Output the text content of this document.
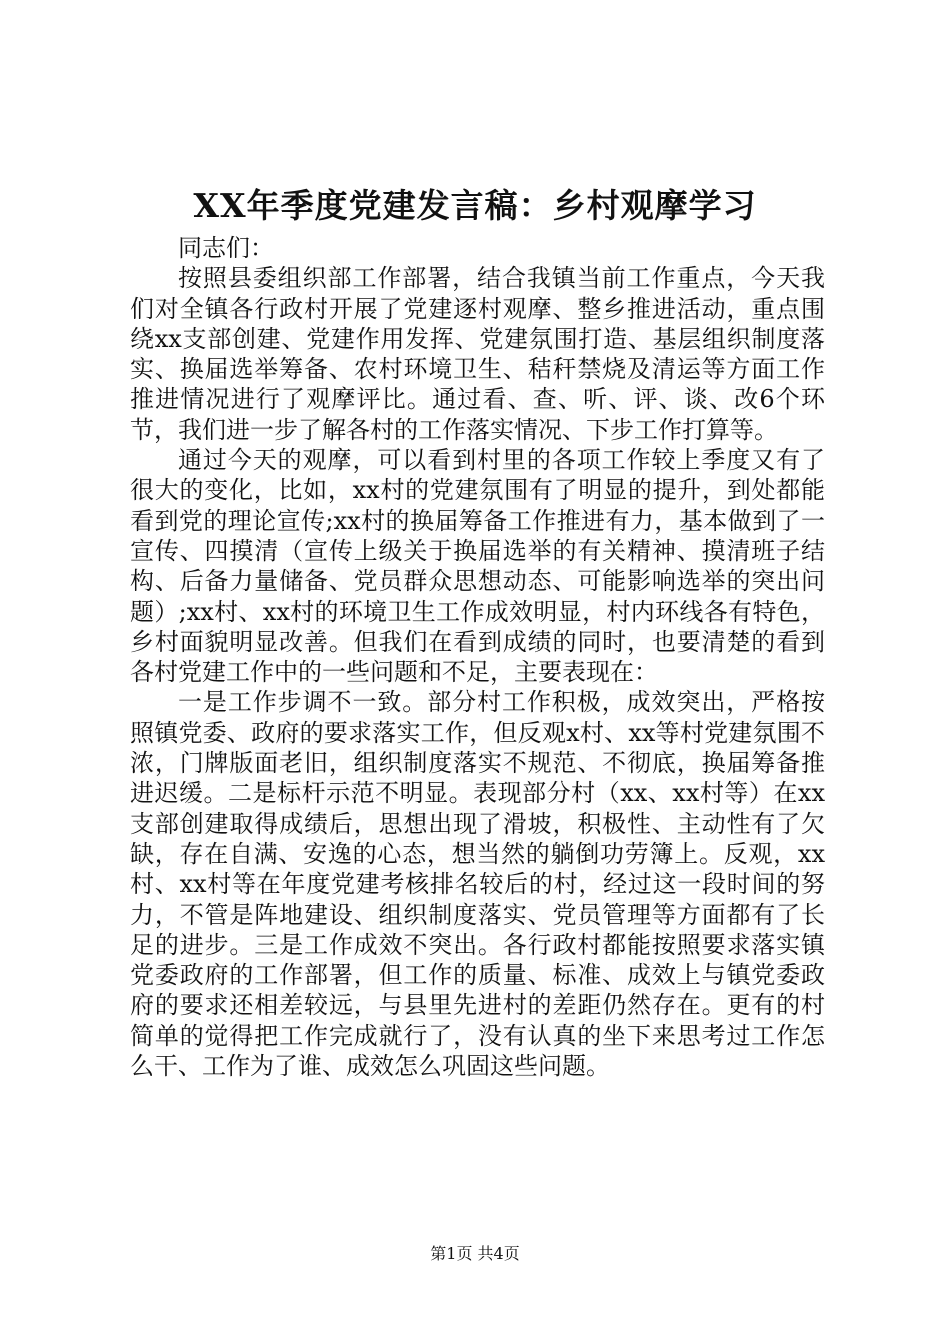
XX年季度党建发言稿：乡村观摩学习

同志们：

按照县委组织部工作部署，结合我镇当前工作重点，今天我们对全镇各行政村开展了党建逐村观摩、整乡推进活动，重点围绕xx支部创建、党建作用发挥、党建氛围打造、基层组织制度落实、换届选举筹备、农村环境卫生、秸秆禁烧及清运等方面工作推进情况进行了观摩评比。通过看、查、听、评、谈、改6个环节，我们进一步了解各村的工作落实情况、下步工作打算等。

通过今天的观摩，可以看到村里的各项工作较上季度又有了很大的变化，比如，xx村的党建氛围有了明显的提升，到处都能看到党的理论宣传;xx村的换届筹备工作推进有力，基本做到了一宣传、四摸清（宣传上级关于换届选举的有关精神、摸清班子结构、后备力量储备、党员群众思想动态、可能影响选举的突出问题）;xx村、xx村的环境卫生工作成效明显，村内环线各有特色，乡村面貌明显改善。但我们在看到成绩的同时，也要清楚的看到各村党建工作中的一些问题和不足，主要表现在：

一是工作步调不一致。部分村工作积极，成效突出，严格按照镇党委、政府的要求落实工作，但反观x村、xx等村党建氛围不浓，门牌版面老旧，组织制度落实不规范、不彻底，换届筹备推进迟缓。二是标杆示范不明显。表现部分村（xx、xx村等）在xx支部创建取得成绩后，思想出现了滑坡，积极性、主动性有了欠缺，存在自满、安逸的心态，想当然的躺倒功劳簿上。反观，xx村、xx村等在年度党建考核排名较后的村，经过这一段时间的努力，不管是阵地建设、组织制度落实、党员管理等方面都有了长足的进步。三是工作成效不突出。各行政村都能按照要求落实镇党委政府的工作部署，但工作的质量、标准、成效上与镇党委政府的要求还相差较远，与县里先进村的差距仍然存在。更有的村简单的觉得把工作完成就行了，没有认真的坐下来思考过工作怎么干、工作为了谁、成效怎么巩固这些问题。

第1页 共4页
